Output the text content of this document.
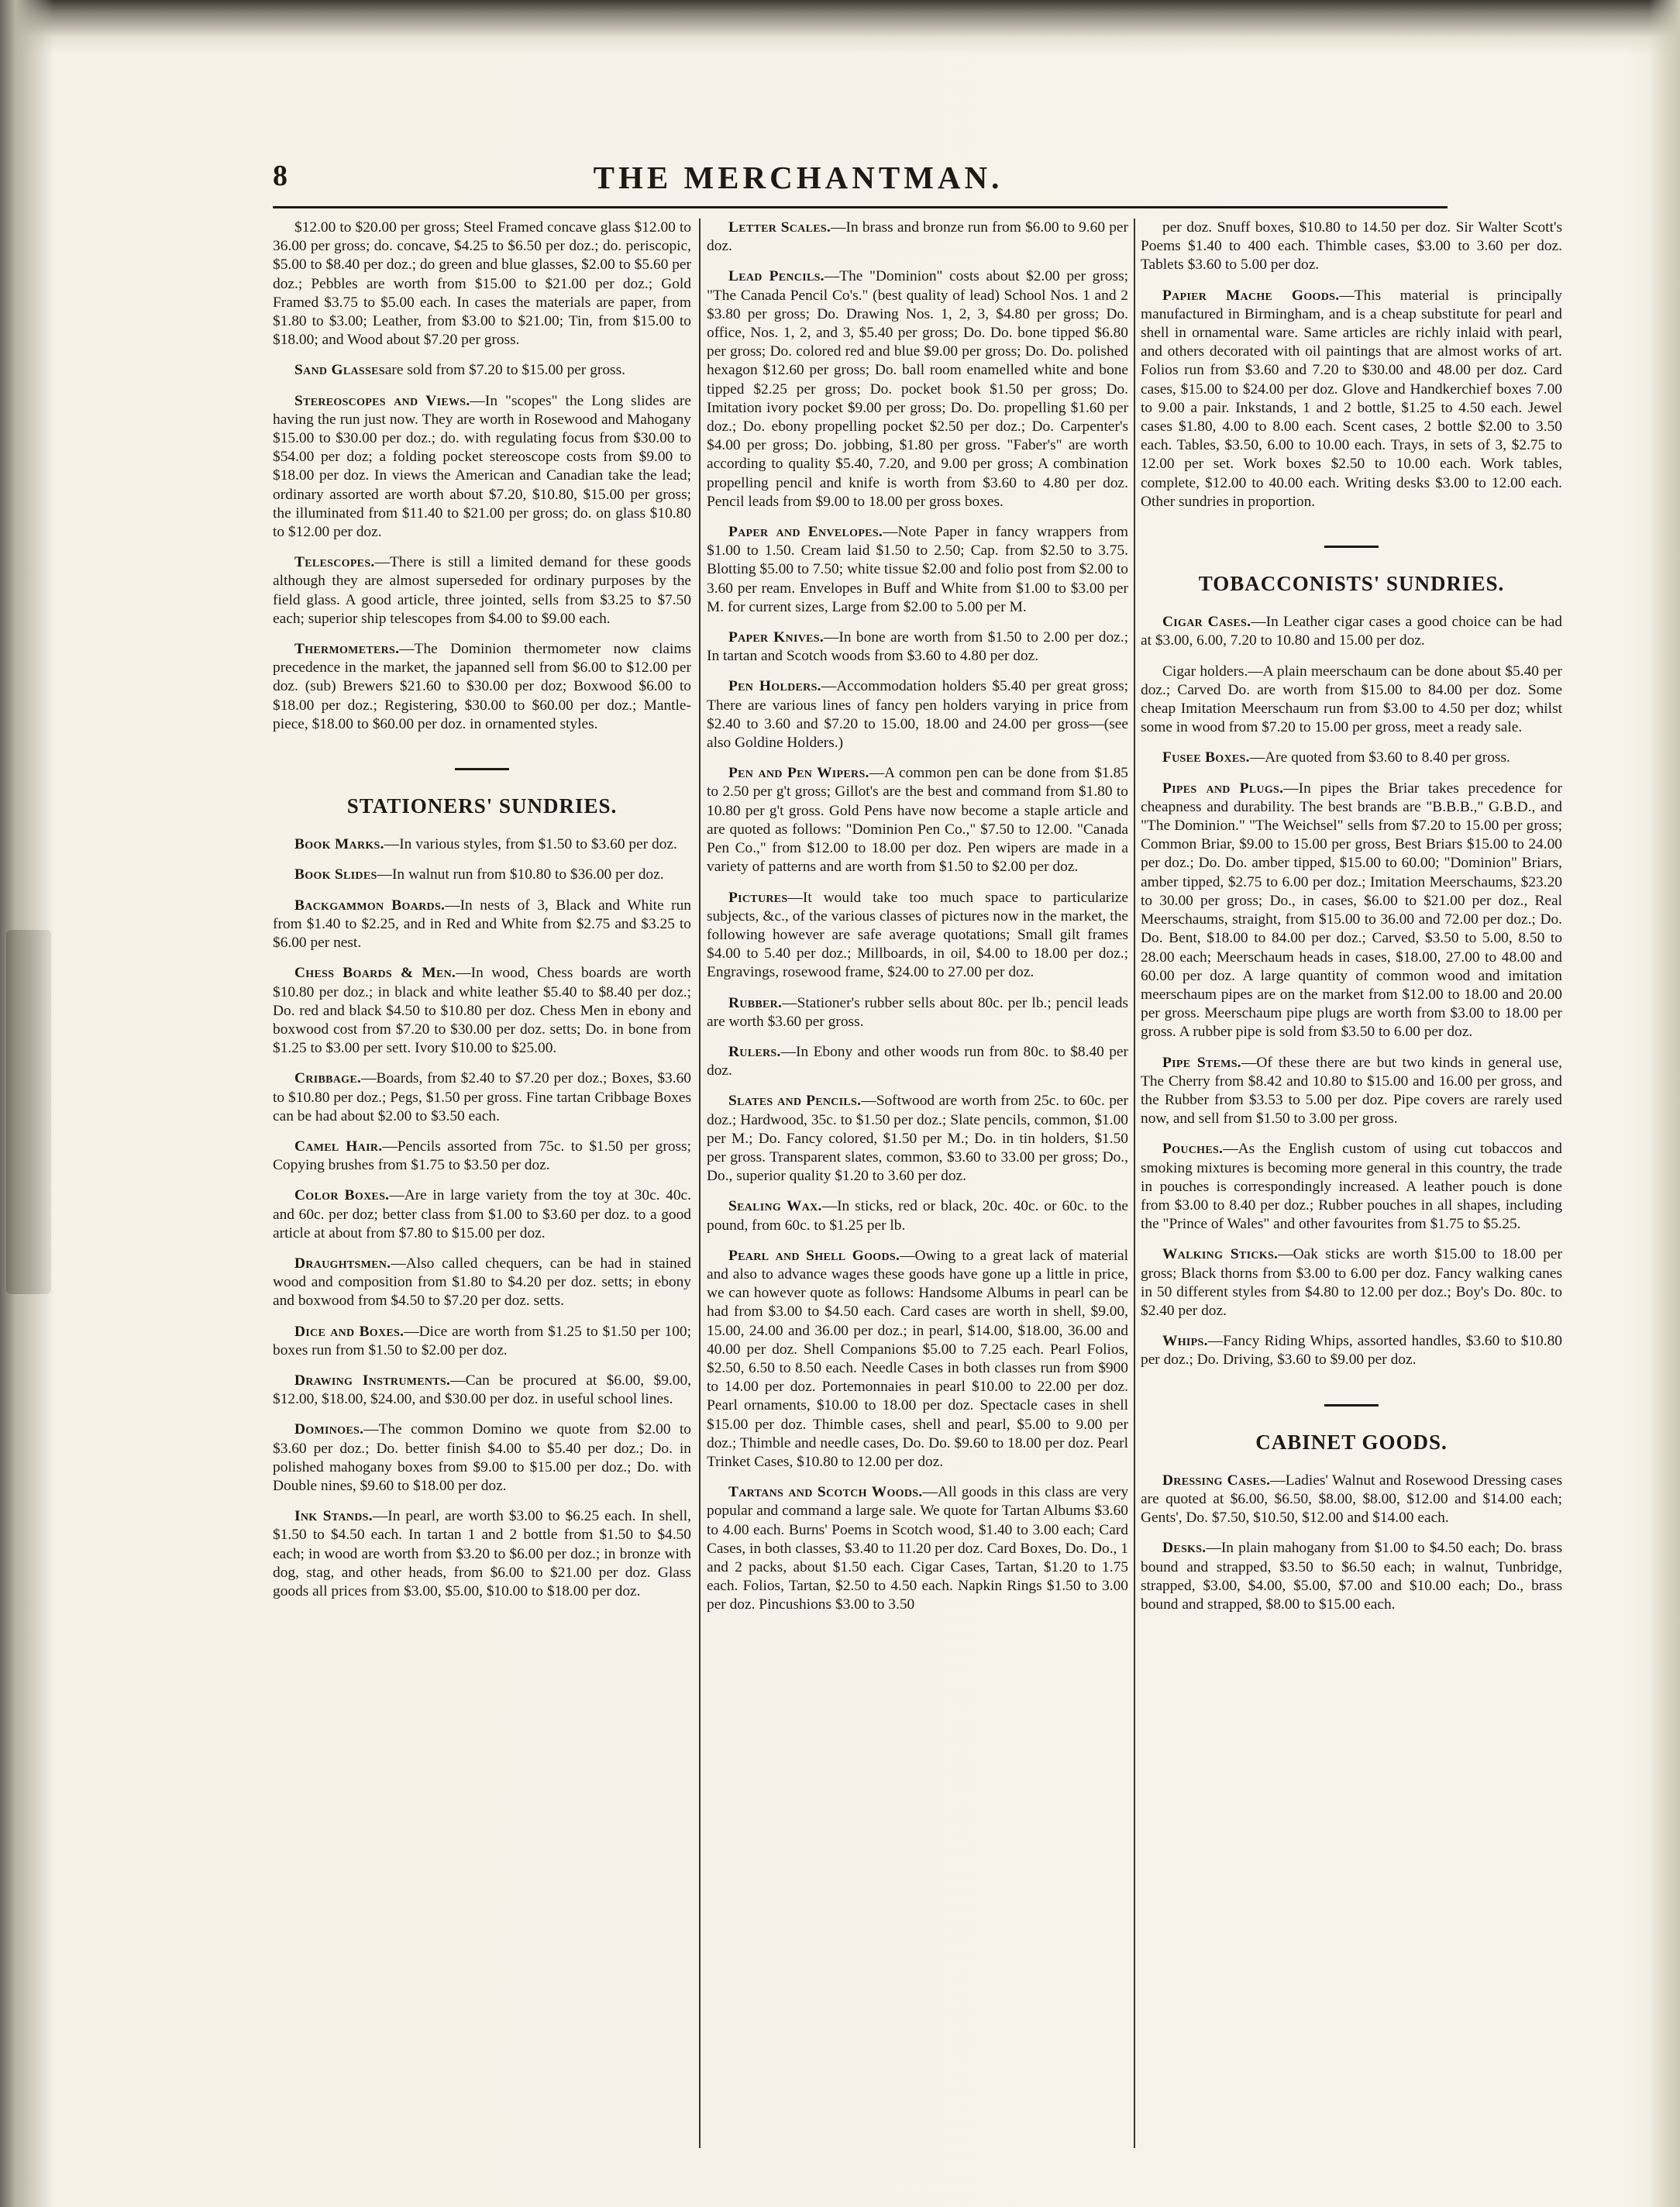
8	THE MERCHANTMAN.

$12.00 to $20.00 per gross; Steel Framed concave glass $12.00 to 36.00 per gross; do. concave, $4.25 to $6.50 per doz.; do. periscopic, $5.00 to $8.40 per doz.; do green and blue glasses, $2.00 to $5.60 per doz.; Pebbles are worth from $15.00 to $21.00 per doz.; Gold Framed $3.75 to $5.00 each. In cases the materials are paper, from $1.80 to $3.00; Leather, from $3.00 to $21.00; Tin, from $15.00 to $18.00; and Wood about $7.20 per gross.

Sand Glassesare sold from $7.20 to $15.00 per gross.

Stereoscopes and Views.—In "scopes" the Long slides are having the run just now. They are worth in Rosewood and Mahogany $15.00 to $30.00 per doz.; do. with regulating focus from $30.00 to $54.00 per doz; a folding pocket stereoscope costs from $9.00 to $18.00 per doz. In views the American and Canadian take the lead; ordinary assorted are worth about $7.20, $10.80, $15.00 per gross; the illuminated from $11.40 to $21.00 per gross; do. on glass $10.80 to $12.00 per doz.

Telescopes.—There is still a limited demand for these goods although they are almost superseded for ordinary purposes by the field glass. A good article, three jointed, sells from $3.25 to $7.50 each; superior ship telescopes from $4.00 to $9.00 each.

Thermometers.—The Dominion thermometer now claims precedence in the market, the japanned sell from $6.00 to $12.00 per doz. (sub) Brewers $21.60 to $30.00 per doz; Boxwood $6.00 to $18.00 per doz.; Registering, $30.00 to $60.00 per doz.; Mantle-piece, $18.00 to $60.00 per doz. in ornamented styles.

STATIONERS' SUNDRIES.

Book Marks.—In various styles, from $1.50 to $3.60 per doz.

Book Slides—In walnut run from $10.80 to $36.00 per doz.

Backgammon Boards.—In nests of 3, Black and White run from $1.40 to $2.25, and in Red and White from $2.75 and $3.25 to $6.00 per nest.

Chess Boards & Men.—In wood, Chess boards are worth $10.80 per doz.; in black and white leather $5.40 to $8.40 per doz.; Do. red and black $4.50 to $10.80 per doz. Chess Men in ebony and boxwood cost from $7.20 to $30.00 per doz. setts; Do. in bone from $1.25 to $3.00 per sett. Ivory $10.00 to $25.00.

Cribbage.—Boards, from $2.40 to $7.20 per doz.; Boxes, $3.60 to $10.80 per doz.; Pegs, $1.50 per gross. Fine tartan Cribbage Boxes can be had about $2.00 to $3.50 each.

Camel Hair.—Pencils assorted from 75c. to $1.50 per gross; Copying brushes from $1.75 to $3.50 per doz.

Color Boxes.—Are in large variety from the toy at 30c. 40c. and 60c. per doz; better class from $1.00 to $3.60 per doz. to a good article at about from $7.80 to $15.00 per doz.

Draughtsmen.—Also called chequers, can be had in stained wood and composition from $1.80 to $4.20 per doz. setts; in ebony and boxwood from $4.50 to $7.20 per doz. setts.

Dice and Boxes.—Dice are worth from $1.25 to $1.50 per 100; boxes run from $1.50 to $2.00 per doz.

Drawing Instruments.—Can be procured at $6.00, $9.00, $12.00, $18.00, $24.00, and $30.00 per doz. in useful school lines.

Dominoes.—The common Domino we quote from $2.00 to $3.60 per doz.; Do. better finish $4.00 to $5.40 per doz.; Do. in polished mahogany boxes from $9.00 to $15.00 per doz.; Do. with Double nines, $9.60 to $18.00 per doz.

Ink Stands.—In pearl, are worth $3.00 to $6.25 each. In shell, $1.50 to $4.50 each. In tartan 1 and 2 bottle from $1.50 to $4.50 each; in wood are worth from $3.20 to $6.00 per doz.; in bronze with dog, stag, and other heads, from $6.00 to $21.00 per doz. Glass goods all prices from $3.00, $5.00, $10.00 to $18.00 per doz.

Letter Scales.—In brass and bronze run from $6.00 to 9.60 per doz.

Lead Pencils.—The "Dominion" costs about $2.00 per gross; "The Canada Pencil Co's." (best quality of lead) School Nos. 1 and 2 $3.80 per gross; Do. Drawing Nos. 1, 2, 3, $4.80 per gross; Do. office, Nos. 1, 2, and 3, $5.40 per gross; Do. Do. bone tipped $6.80 per gross; Do. colored red and blue $9.00 per gross; Do. Do. polished hexagon $12.60 per gross; Do. ball room enamelled white and bone tipped $2.25 per gross; Do. pocket book $1.50 per gross; Do. Imitation ivory pocket $9.00 per gross; Do. Do. propelling $1.60 per doz.; Do. ebony propelling pocket $2.50 per doz.; Do. Carpenter's $4.00 per gross; Do. jobbing, $1.80 per gross. "Faber's" are worth according to quality $5.40, 7.20, and 9.00 per gross; A combination propelling pencil and knife is worth from $3.60 to 4.80 per doz. Pencil leads from $9.00 to 18.00 per gross boxes.

Paper and Envelopes.—Note Paper in fancy wrappers from $1.00 to 1.50. Cream laid $1.50 to 2.50; Cap. from $2.50 to 3.75. Blotting $5.00 to 7.50; white tissue $2.00 and folio post from $2.00 to 3.60 per ream. Envelopes in Buff and White from $1.00 to $3.00 per M. for current sizes, Large from $2.00 to 5.00 per M.

Paper Knives.—In bone are worth from $1.50 to 2.00 per doz.; In tartan and Scotch woods from $3.60 to 4.80 per doz.

Pen Holders.—Accommodation holders $5.40 per great gross; There are various lines of fancy pen holders varying in price from $2.40 to 3.60 and $7.20 to 15.00, 18.00 and 24.00 per gross—(see also Goldine Holders.)

Pen and Pen Wipers.—A common pen can be done from $1.85 to 2.50 per g't gross; Gillot's are the best and command from $1.80 to 10.80 per g't gross. Gold Pens have now become a staple article and are quoted as follows: "Dominion Pen Co.," $7.50 to 12.00. "Canada Pen Co.," from $12.00 to 18.00 per doz. Pen wipers are made in a variety of patterns and are worth from $1.50 to $2.00 per doz.

Pictures—It would take too much space to particularize subjects, &c., of the various classes of pictures now in the market, the following however are safe average quotations; Small gilt frames $4.00 to 5.40 per doz.; Millboards, in oil, $4.00 to 18.00 per doz.; Engravings, rosewood frame, $24.00 to 27.00 per doz.

Rubber.—Stationer's rubber sells about 80c. per lb.; pencil leads are worth $3.60 per gross.

Rulers.—In Ebony and other woods run from 80c. to $8.40 per doz.

Slates and Pencils.—Softwood are worth from 25c. to 60c. per doz.; Hardwood, 35c. to $1.50 per doz.; Slate pencils, common, $1.00 per M.; Do. Fancy colored, $1.50 per M.; Do. in tin holders, $1.50 per gross. Transparent slates, common, $3.60 to 33.00 per gross; Do., Do., superior quality $1.20 to 3.60 per doz.

Sealing Wax.—In sticks, red or black, 20c. 40c. or 60c. to the pound, from 60c. to $1.25 per lb.

Pearl and Shell Goods.—Owing to a great lack of material and also to advance wages these goods have gone up a little in price, we can however quote as follows: Handsome Albums in pearl can be had from $3.00 to $4.50 each. Card cases are worth in shell, $9.00, 15.00, 24.00 and 36.00 per doz.; in pearl, $14.00, $18.00, 36.00 and 40.00 per doz. Shell Companions $5.00 to 7.25 each. Pearl Folios, $2.50, 6.50 to 8.50 each. Needle Cases in both classes run from $900 to 14.00 per doz. Portemonnaies in pearl $10.00 to 22.00 per doz. Pearl ornaments, $10.00 to 18.00 per doz. Spectacle cases in shell $15.00 per doz. Thimble cases, shell and pearl, $5.00 to 9.00 per doz.; Thimble and needle cases, Do. Do. $9.60 to 18.00 per doz. Pearl Trinket Cases, $10.80 to 12.00 per doz.

Tartans and Scotch Woods.—All goods in this class are very popular and command a large sale. We quote for Tartan Albums $3.60 to 4.00 each. Burns' Poems in Scotch wood, $1.40 to 3.00 each; Card Cases, in both classes, $3.40 to 11.20 per doz. Card Boxes, Do. Do., 1 and 2 packs, about $1.50 each. Cigar Cases, Tartan, $1.20 to 1.75 each. Folios, Tartan, $2.50 to 4.50 each. Napkin Rings $1.50 to 3.00 per doz. Pincushions $3.00 to 3.50

per doz. Snuff boxes, $10.80 to 14.50 per doz. Sir Walter Scott's Poems $1.40 to 400 each. Thimble cases, $3.00 to 3.60 per doz. Tablets $3.60 to 5.00 per doz.

Papier Mache Goods.—This material is principally manufactured in Birmingham, and is a cheap substitute for pearl and shell in ornamental ware. Same articles are richly inlaid with pearl, and others decorated with oil paintings that are almost works of art. Folios run from $3.60 and 7.20 to $30.00 and 48.00 per doz. Card cases, $15.00 to $24.00 per doz. Glove and Handkerchief boxes 7.00 to 9.00 a pair. Inkstands, 1 and 2 bottle, $1.25 to 4.50 each. Jewel cases $1.80, 4.00 to 8.00 each. Scent cases, 2 bottle $2.00 to 3.50 each. Tables, $3.50, 6.00 to 10.00 each. Trays, in sets of 3, $2.75 to 12.00 per set. Work boxes $2.50 to 10.00 each. Work tables, complete, $12.00 to 40.00 each. Writing desks $3.00 to 12.00 each. Other sundries in proportion.

TOBACCONISTS' SUNDRIES.

Cigar Cases.—In Leather cigar cases a good choice can be had at $3.00, 6.00, 7.20 to 10.80 and 15.00 per doz.

Cigar holders.—A plain meerschaum can be done about $5.40 per doz.; Carved Do. are worth from $15.00 to 84.00 per doz. Some cheap Imitation Meerschaum run from $3.00 to 4.50 per doz; whilst some in wood from $7.20 to 15.00 per gross, meet a ready sale.

Fusee Boxes.—Are quoted from $3.60 to 8.40 per gross.

Pipes and Plugs.—In pipes the Briar takes precedence for cheapness and durability. The best brands are "B.B.B.," G.B.D., and "The Dominion." "The Weichsel" sells from $7.20 to 15.00 per gross; Common Briar, $9.00 to 15.00 per gross, Best Briars $15.00 to 24.00 per doz.; Do. Do. amber tipped, $15.00 to 60.00; "Dominion" Briars, amber tipped, $2.75 to 6.00 per doz.; Imitation Meerschaums, $23.20 to 30.00 per gross; Do., in cases, $6.00 to $21.00 per doz., Real Meerschaums, straight, from $15.00 to 36.00 and 72.00 per doz.; Do. Do. Bent, $18.00 to 84.00 per doz.; Carved, $3.50 to 5.00, 8.50 to 28.00 each; Meerschaum heads in cases, $18.00, 27.00 to 48.00 and 60.00 per doz. A large quantity of common wood and imitation meerschaum pipes are on the market from $12.00 to 18.00 and 20.00 per gross. Meerschaum pipe plugs are worth from $3.00 to 18.00 per gross. A rubber pipe is sold from $3.50 to 6.00 per doz.

Pipe Stems.—Of these there are but two kinds in general use, The Cherry from $8.42 and 10.80 to $15.00 and 16.00 per gross, and the Rubber from $3.53 to 5.00 per doz. Pipe covers are rarely used now, and sell from $1.50 to 3.00 per gross.

Pouches.—As the English custom of using cut tobaccos and smoking mixtures is becoming more general in this country, the trade in pouches is correspondingly increased. A leather pouch is done from $3.00 to 8.40 per doz.; Rubber pouches in all shapes, including the "Prince of Wales" and other favourites from $1.75 to $5.25.

Walking Sticks.—Oak sticks are worth $15.00 to 18.00 per gross; Black thorns from $3.00 to 6.00 per doz. Fancy walking canes in 50 different styles from $4.80 to 12.00 per doz.; Boy's Do. 80c. to $2.40 per doz.

Whips.—Fancy Riding Whips, assorted handles, $3.60 to $10.80 per doz.; Do. Driving, $3.60 to $9.00 per doz.

CABINET GOODS.

Dressing Cases.—Ladies' Walnut and Rosewood Dressing cases are quoted at $6.00, $6.50, $8.00, $8.00, $12.00 and $14.00 each; Gents', Do. $7.50, $10.50, $12.00 and $14.00 each.

Desks.—In plain mahogany from $1.00 to $4.50 each; Do. brass bound and strapped, $3.50 to $6.50 each; in walnut, Tunbridge, strapped, $3.00, $4.00, $5.00, $7.00 and $10.00 each; Do., brass bound and strapped, $8.00 to $15.00 each.
